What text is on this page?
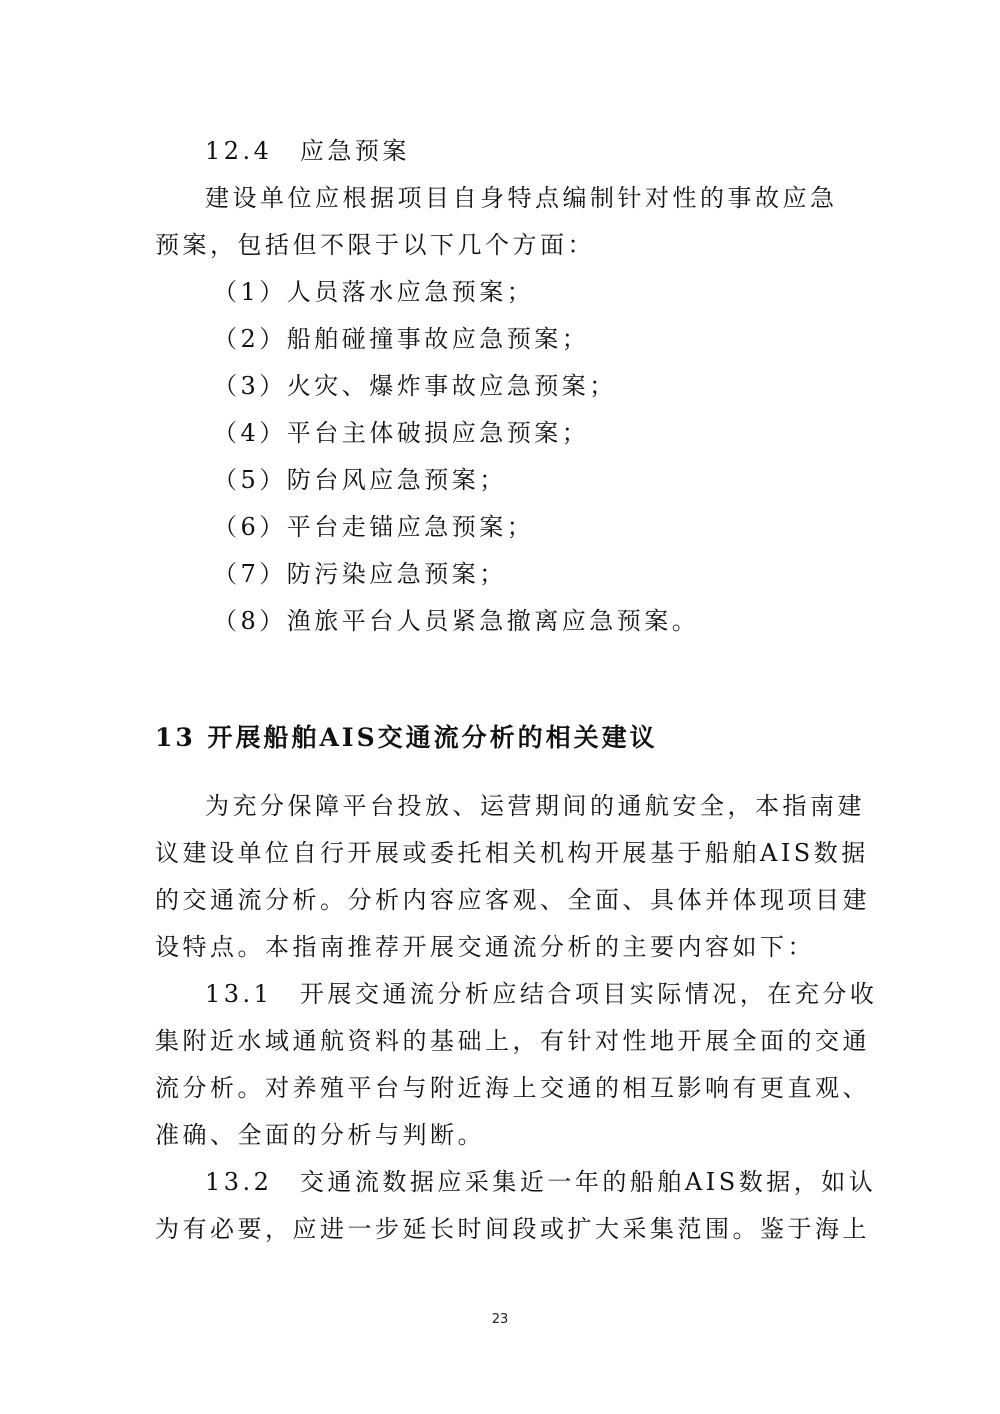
12.4　应急预案
建设单位应根据项目自身特点编制针对性的事故应急
预案，包括但不限于以下几个方面：
（1）人员落水应急预案；
（2）船舶碰撞事故应急预案；
（3）火灾、爆炸事故应急预案；
（4）平台主体破损应急预案；
（5）防台风应急预案；
（6）平台走锚应急预案；
（7）防污染应急预案；
（8）渔旅平台人员紧急撤离应急预案。
13 开展船舶AIS交通流分析的相关建议
为充分保障平台投放、运营期间的通航安全，本指南建
议建设单位自行开展或委托相关机构开展基于船舶AIS数据
的交通流分析。分析内容应客观、全面、具体并体现项目建
设特点。本指南推荐开展交通流分析的主要内容如下：
13.1　开展交通流分析应结合项目实际情况，在充分收
集附近水域通航资料的基础上，有针对性地开展全面的交通
流分析。对养殖平台与附近海上交通的相互影响有更直观、
准确、全面的分析与判断。
13.2　交通流数据应采集近一年的船舶AIS数据，如认
为有必要，应进一步延长时间段或扩大采集范围。鉴于海上
23
